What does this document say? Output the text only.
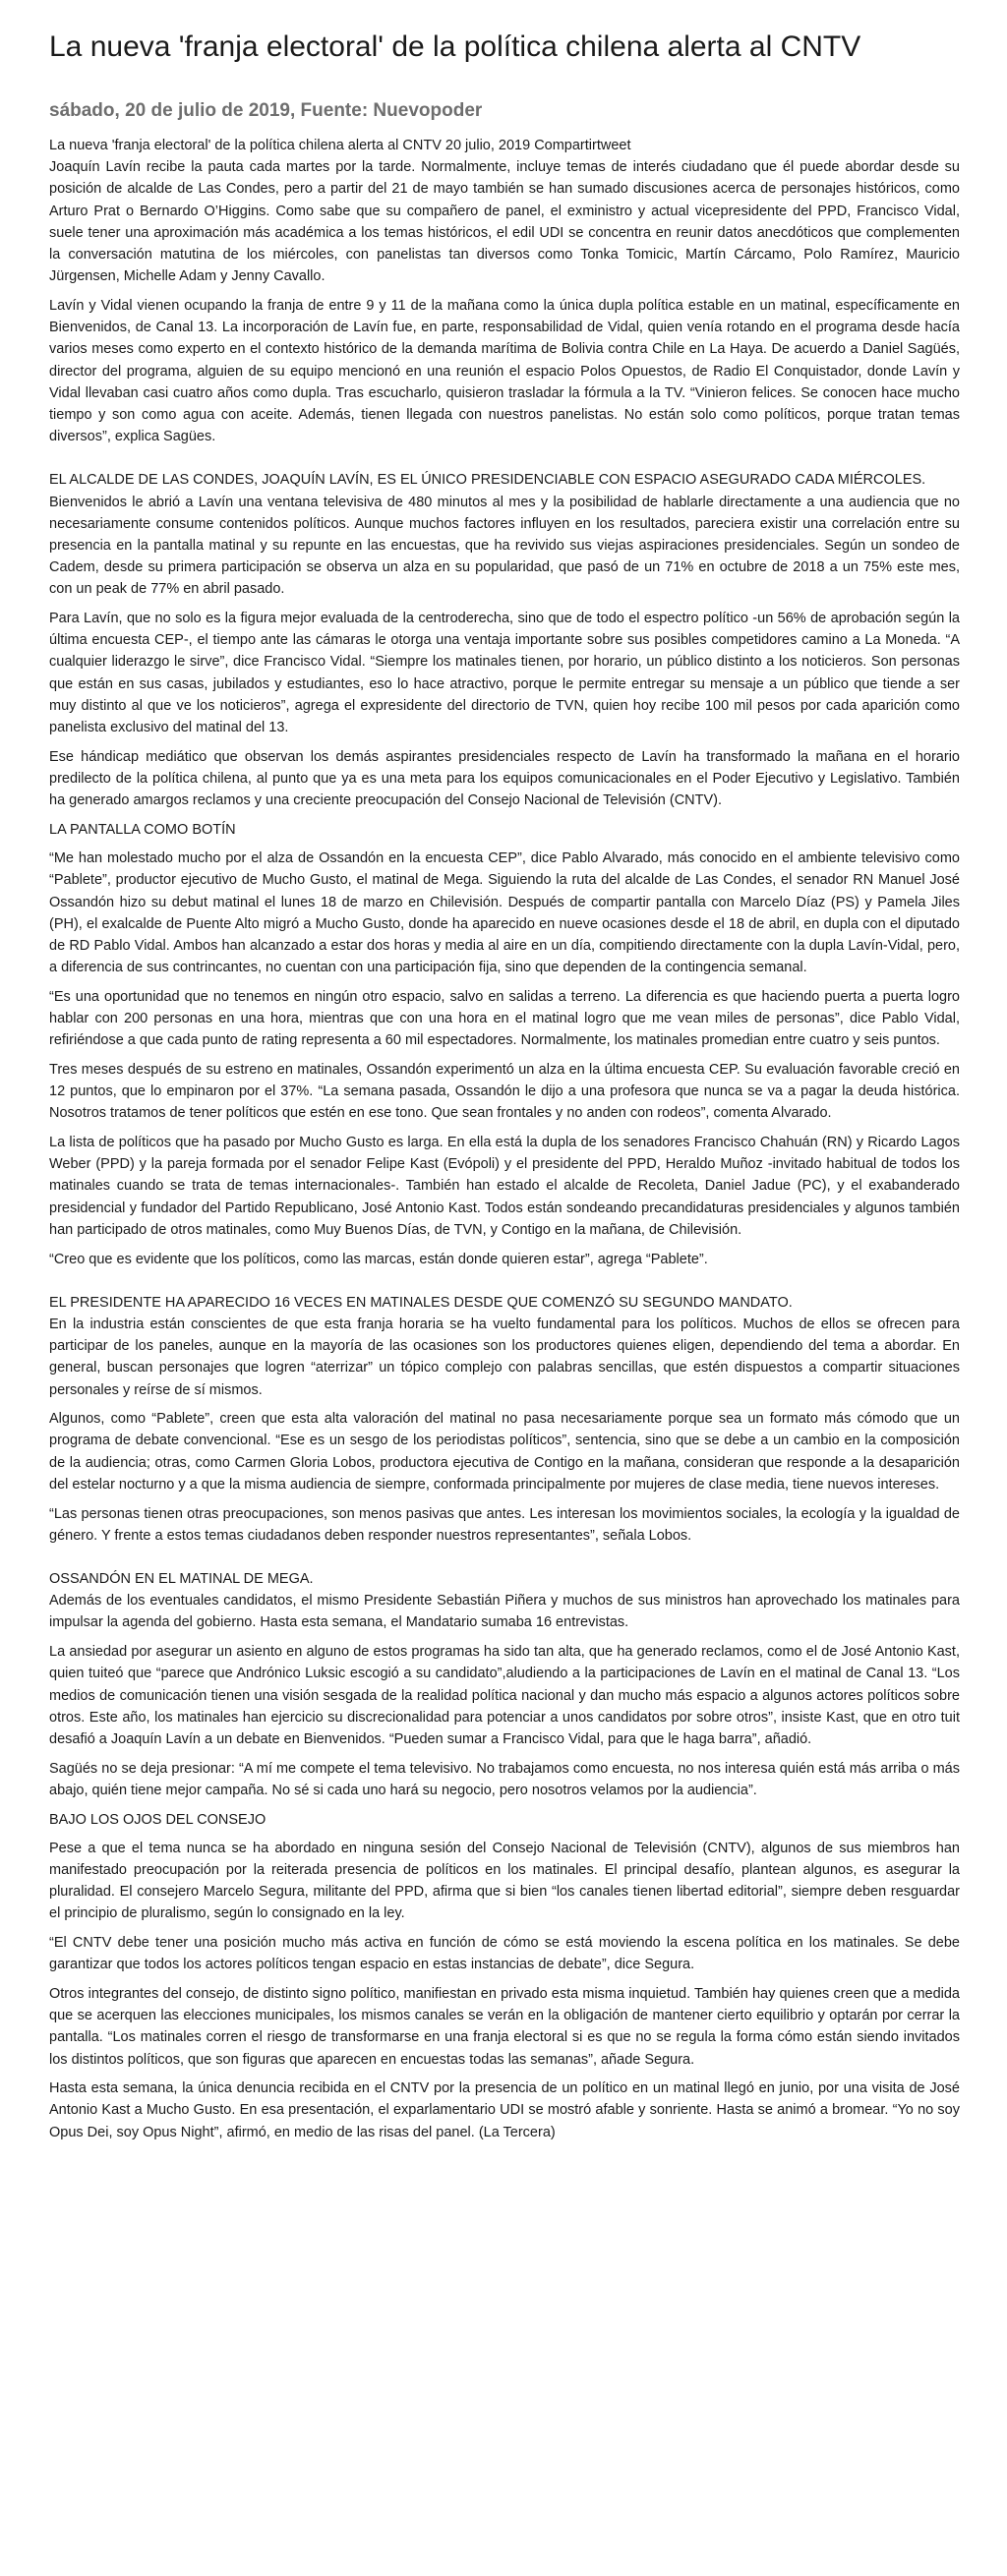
La nueva 'franja electoral' de la política chilena alerta al CNTV
sábado, 20 de julio de 2019, Fuente: Nuevopoder

La nueva 'franja electoral' de la política chilena alerta al CNTV 20 julio, 2019 Compartirtweet

Joaquín Lavín recibe la pauta cada martes por la tarde. Normalmente, incluye temas de interés ciudadano que él puede abordar desde su posición de alcalde de Las Condes, pero a partir del 21 de mayo también se han sumado discusiones acerca de personajes históricos, como Arturo Prat o Bernardo O’Higgins. Como sabe que su compañero de panel, el exministro y actual vicepresidente del PPD, Francisco Vidal, suele tener una aproximación más académica a los temas históricos, el edil UDI se concentra en reunir datos anecdóticos que complementen la conversación matutina de los miércoles, con panelistas tan diversos como Tonka Tomicic, Martín Cárcamo, Polo Ramírez, Mauricio Jürgensen, Michelle Adam y Jenny Cavallo.

Lavín y Vidal vienen ocupando la franja de entre 9 y 11 de la mañana como la única dupla política estable en un matinal, específicamente en Bienvenidos, de Canal 13. La incorporación de Lavín fue, en parte, responsabilidad de Vidal, quien venía rotando en el programa desde hacía varios meses como experto en el contexto histórico de la demanda marítima de Bolivia contra Chile en La Haya. De acuerdo a Daniel Sagüés, director del programa, alguien de su equipo mencionó en una reunión el espacio Polos Opuestos, de Radio El Conquistador, donde Lavín y Vidal llevaban casi cuatro años como dupla. Tras escucharlo, quisieron trasladar la fórmula a la TV. “Vinieron felices. Se conocen hace mucho tiempo y son como agua con aceite. Además, tienen llegada con nuestros panelistas. No están solo como políticos, porque tratan temas diversos”, explica Sagües.

EL ALCALDE DE LAS CONDES, JOAQUÍN LAVÍN, ES EL ÚNICO PRESIDENCIABLE CON ESPACIO ASEGURADO CADA MIÉRCOLES.

Bienvenidos le abrió a Lavín una ventana televisiva de 480 minutos al mes y la posibilidad de hablarle directamente a una audiencia que no necesariamente consume contenidos políticos. Aunque muchos factores influyen en los resultados, pareciera existir una correlación entre su presencia en la pantalla matinal y su repunte en las encuestas, que ha revivido sus viejas aspiraciones presidenciales. Según un sondeo de Cadem, desde su primera participación se observa un alza en su popularidad, que pasó de un 71% en octubre de 2018 a un 75% este mes, con un peak de 77% en abril pasado.

Para Lavín, que no solo es la figura mejor evaluada de la centroderecha, sino que de todo el espectro político -un 56% de aprobación según la última encuesta CEP-, el tiempo ante las cámaras le otorga una ventaja importante sobre sus posibles competidores camino a La Moneda. “A cualquier liderazgo le sirve”, dice Francisco Vidal. “Siempre los matinales tienen, por horario, un público distinto a los noticieros. Son personas que están en sus casas, jubilados y estudiantes, eso lo hace atractivo, porque le permite entregar su mensaje a un público que tiende a ser muy distinto al que ve los noticieros”, agrega el expresidente del directorio de TVN, quien hoy recibe 100 mil pesos por cada aparición como panelista exclusivo del matinal del 13.

Ese hándicap mediático que observan los demás aspirantes presidenciales respecto de Lavín ha transformado la mañana en el horario predilecto de la política chilena, al punto que ya es una meta para los equipos comunicacionales en el Poder Ejecutivo y Legislativo. También ha generado amargos reclamos y una creciente preocupación del Consejo Nacional de Televisión (CNTV).

LA PANTALLA COMO BOTÍN

“Me han molestado mucho por el alza de Ossandón en la encuesta CEP”, dice Pablo Alvarado, más conocido en el ambiente televisivo como “Pablete”, productor ejecutivo de Mucho Gusto, el matinal de Mega. Siguiendo la ruta del alcalde de Las Condes, el senador RN Manuel José Ossandón hizo su debut matinal el lunes 18 de marzo en Chilevisión. Después de compartir pantalla con Marcelo Díaz (PS) y Pamela Jiles (PH), el exalcalde de Puente Alto migró a Mucho Gusto, donde ha aparecido en nueve ocasiones desde el 18 de abril, en dupla con el diputado de RD Pablo Vidal. Ambos han alcanzado a estar dos horas y media al aire en un día, compitiendo directamente con la dupla Lavín-Vidal, pero, a diferencia de sus contrincantes, no cuentan con una participación fija, sino que dependen de la contingencia semanal.

“Es una oportunidad que no tenemos en ningún otro espacio, salvo en salidas a terreno. La diferencia es que haciendo puerta a puerta logro hablar con 200 personas en una hora, mientras que con una hora en el matinal logro que me vean miles de personas”, dice Pablo Vidal, refiriéndose a que cada punto de rating representa a 60 mil espectadores. Normalmente, los matinales promedian entre cuatro y seis puntos.

Tres meses después de su estreno en matinales, Ossandón experimentó un alza en la última encuesta CEP. Su evaluación favorable creció en 12 puntos, que lo empinaron por el 37%. “La semana pasada, Ossandón le dijo a una profesora que nunca se va a pagar la deuda histórica. Nosotros tratamos de tener políticos que estén en ese tono. Que sean frontales y no anden con rodeos”, comenta Alvarado.

La lista de políticos que ha pasado por Mucho Gusto es larga. En ella está la dupla de los senadores Francisco Chahuán (RN) y Ricardo Lagos Weber (PPD) y la pareja formada por el senador Felipe Kast (Evópoli) y el presidente del PPD, Heraldo Muñoz -invitado habitual de todos los matinales cuando se trata de temas internacionales-. También han estado el alcalde de Recoleta, Daniel Jadue (PC), y el exabanderado presidencial y fundador del Partido Republicano, José Antonio Kast. Todos están sondeando precandidaturas presidenciales y algunos también han participado de otros matinales, como Muy Buenos Días, de TVN, y Contigo en la mañana, de Chilevisión.

“Creo que es evidente que los políticos, como las marcas, están donde quieren estar”, agrega “Pablete”.

EL PRESIDENTE HA APARECIDO 16 VECES EN MATINALES DESDE QUE COMENZÓ SU SEGUNDO MANDATO.

En la industria están conscientes de que esta franja horaria se ha vuelto fundamental para los políticos. Muchos de ellos se ofrecen para participar de los paneles, aunque en la mayoría de las ocasiones son los productores quienes eligen, dependiendo del tema a abordar. En general, buscan personajes que logren “aterrizar” un tópico complejo con palabras sencillas, que estén dispuestos a compartir situaciones personales y reírse de sí mismos.

Algunos, como “Pablete”, creen que esta alta valoración del matinal no pasa necesariamente porque sea un formato más cómodo que un programa de debate convencional. “Ese es un sesgo de los periodistas políticos”, sentencia, sino que se debe a un cambio en la composición de la audiencia; otras, como Carmen Gloria Lobos, productora ejecutiva de Contigo en la mañana, consideran que responde a la desaparición del estelar nocturno y a que la misma audiencia de siempre, conformada principalmente por mujeres de clase media, tiene nuevos intereses.

“Las personas tienen otras preocupaciones, son menos pasivas que antes. Les interesan los movimientos sociales, la ecología y la igualdad de género. Y frente a estos temas ciudadanos deben responder nuestros representantes”, señala Lobos.

OSSANDÓN EN EL MATINAL DE MEGA.

Además de los eventuales candidatos, el mismo Presidente Sebastián Piñera y muchos de sus ministros han aprovechado los matinales para impulsar la agenda del gobierno. Hasta esta semana, el Mandatario sumaba 16 entrevistas.

La ansiedad por asegurar un asiento en alguno de estos programas ha sido tan alta, que ha generado reclamos, como el de José Antonio Kast, quien tuiteó que “parece que Andrónico Luksic escogió a su candidato”,aludiendo a la participaciones de Lavín en el matinal de Canal 13. “Los medios de comunicación tienen una visión sesgada de la realidad política nacional y dan mucho más espacio a algunos actores políticos sobre otros. Este año, los matinales han ejercicio su discrecionalidad para potenciar a unos candidatos por sobre otros”, insiste Kast, que en otro tuit desafió a Joaquín Lavín a un debate en Bienvenidos. “Pueden sumar a Francisco Vidal, para que le haga barra”, añadió.

Sagüés no se deja presionar: “A mí me compete el tema televisivo. No trabajamos como encuesta, no nos interesa quién está más arriba o más abajo, quién tiene mejor campaña. No sé si cada uno hará su negocio, pero nosotros velamos por la audiencia”.

BAJO LOS OJOS DEL CONSEJO

Pese a que el tema nunca se ha abordado en ninguna sesión del Consejo Nacional de Televisión (CNTV), algunos de sus miembros han manifestado preocupación por la reiterada presencia de políticos en los matinales. El principal desafío, plantean algunos, es asegurar la pluralidad. El consejero Marcelo Segura, militante del PPD, afirma que si bien “los canales tienen libertad editorial”, siempre deben resguardar el principio de pluralismo, según lo consignado en la ley.

“El CNTV debe tener una posición mucho más activa en función de cómo se está moviendo la escena política en los matinales. Se debe garantizar que todos los actores políticos tengan espacio en estas instancias de debate”, dice Segura.

Otros integrantes del consejo, de distinto signo político, manifiestan en privado esta misma inquietud. También hay quienes creen que a medida que se acerquen las elecciones municipales, los mismos canales se verán en la obligación de mantener cierto equilibrio y optarán por cerrar la pantalla. “Los matinales corren el riesgo de transformarse en una franja electoral si es que no se regula la forma cómo están siendo invitados los distintos políticos, que son figuras que aparecen en encuestas todas las semanas”, añade Segura.

Hasta esta semana, la única denuncia recibida en el CNTV por la presencia de un político en un matinal llegó en junio, por una visita de José Antonio Kast a Mucho Gusto. En esa presentación, el exparlamentario UDI se mostró afable y sonriente. Hasta se animó a bromear. “Yo no soy Opus Dei, soy Opus Night”, afirmó, en medio de las risas del panel. (La Tercera)
